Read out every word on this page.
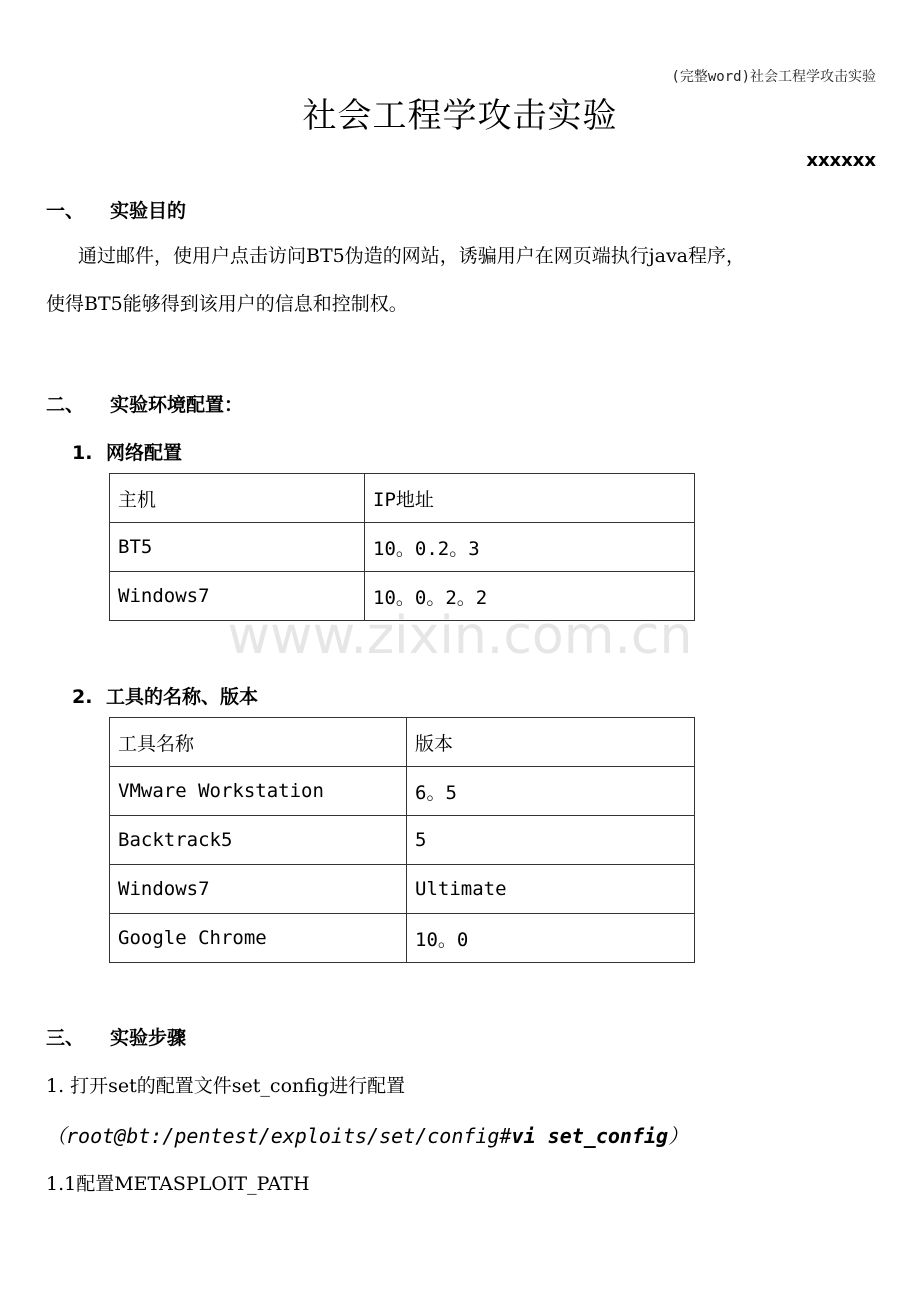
(完整word)社会工程学攻击实验
社会工程学攻击实验
xxxxxx
一、 实验目的

通过邮件，使用户点击访问BT5伪造的网站，诱骗用户在网页端执行java程序，
使得BT5能够得到该用户的信息和控制权。

二、 实验环境配置：
1. 网络配置
主机	IP地址
BT5	10。0.2。3
Windows7	10。0。2。2
www.zixin.com.cn
2. 工具的名称、版本
工具名称	版本
VMware Workstation	6。5
Backtrack5	5
Windows7	Ultimate
Google Chrome	10。0
三、 实验步骤

1. 打开set的配置文件set_config进行配置

（root@bt:/pentest/exploits/set/config#vi set_config）

1.1配置METASPLOIT_PATH
